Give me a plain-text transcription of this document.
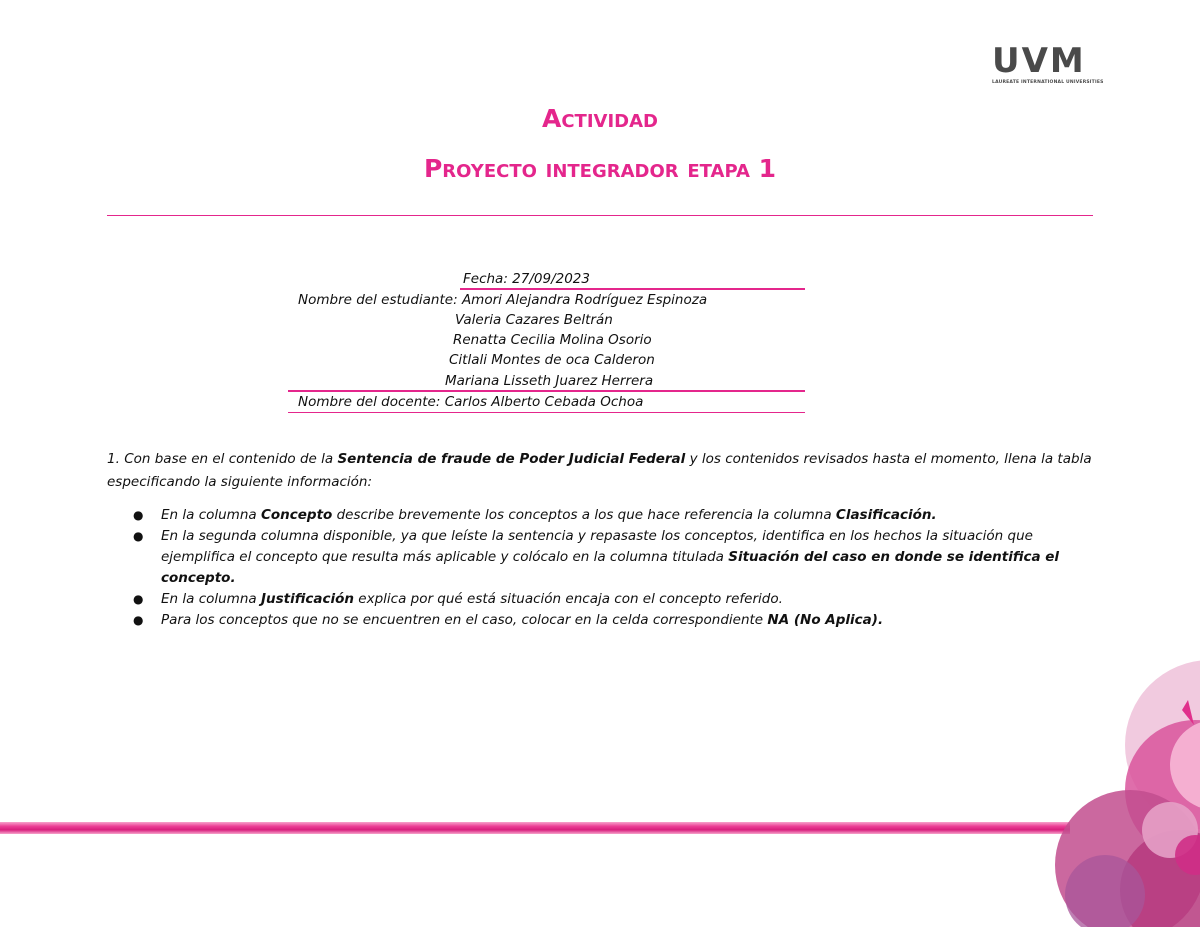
UVM
LAUREATE INTERNATIONAL UNIVERSITIES
Actividad
Proyecto integrador etapa 1
Fecha: 27/09/2023
Nombre del estudiante: Amori Alejandra Rodríguez Espinoza
Valeria Cazares Beltrán
Renatta Cecilia Molina Osorio
Citlali Montes de oca Calderon
Mariana Lisseth Juarez Herrera
Nombre del docente: Carlos Alberto Cebada Ochoa
1. Con base en el contenido de la Sentencia de fraude de Poder Judicial Federal y los contenidos revisados hasta el momento, llena la tabla especificando la siguiente información:
● En la columna Concepto describe brevemente los conceptos a los que hace referencia la columna Clasificación.
● En la segunda columna disponible, ya que leíste la sentencia y repasaste los conceptos, identifica en los hechos la situación que ejemplifica el concepto que resulta más aplicable y colócalo en la columna titulada Situación del caso en donde se identifica el concepto.
● En la columna Justificación explica por qué está situación encaja con el concepto referido.
● Para los conceptos que no se encuentren en el caso, colocar en la celda correspondiente NA (No Aplica).
